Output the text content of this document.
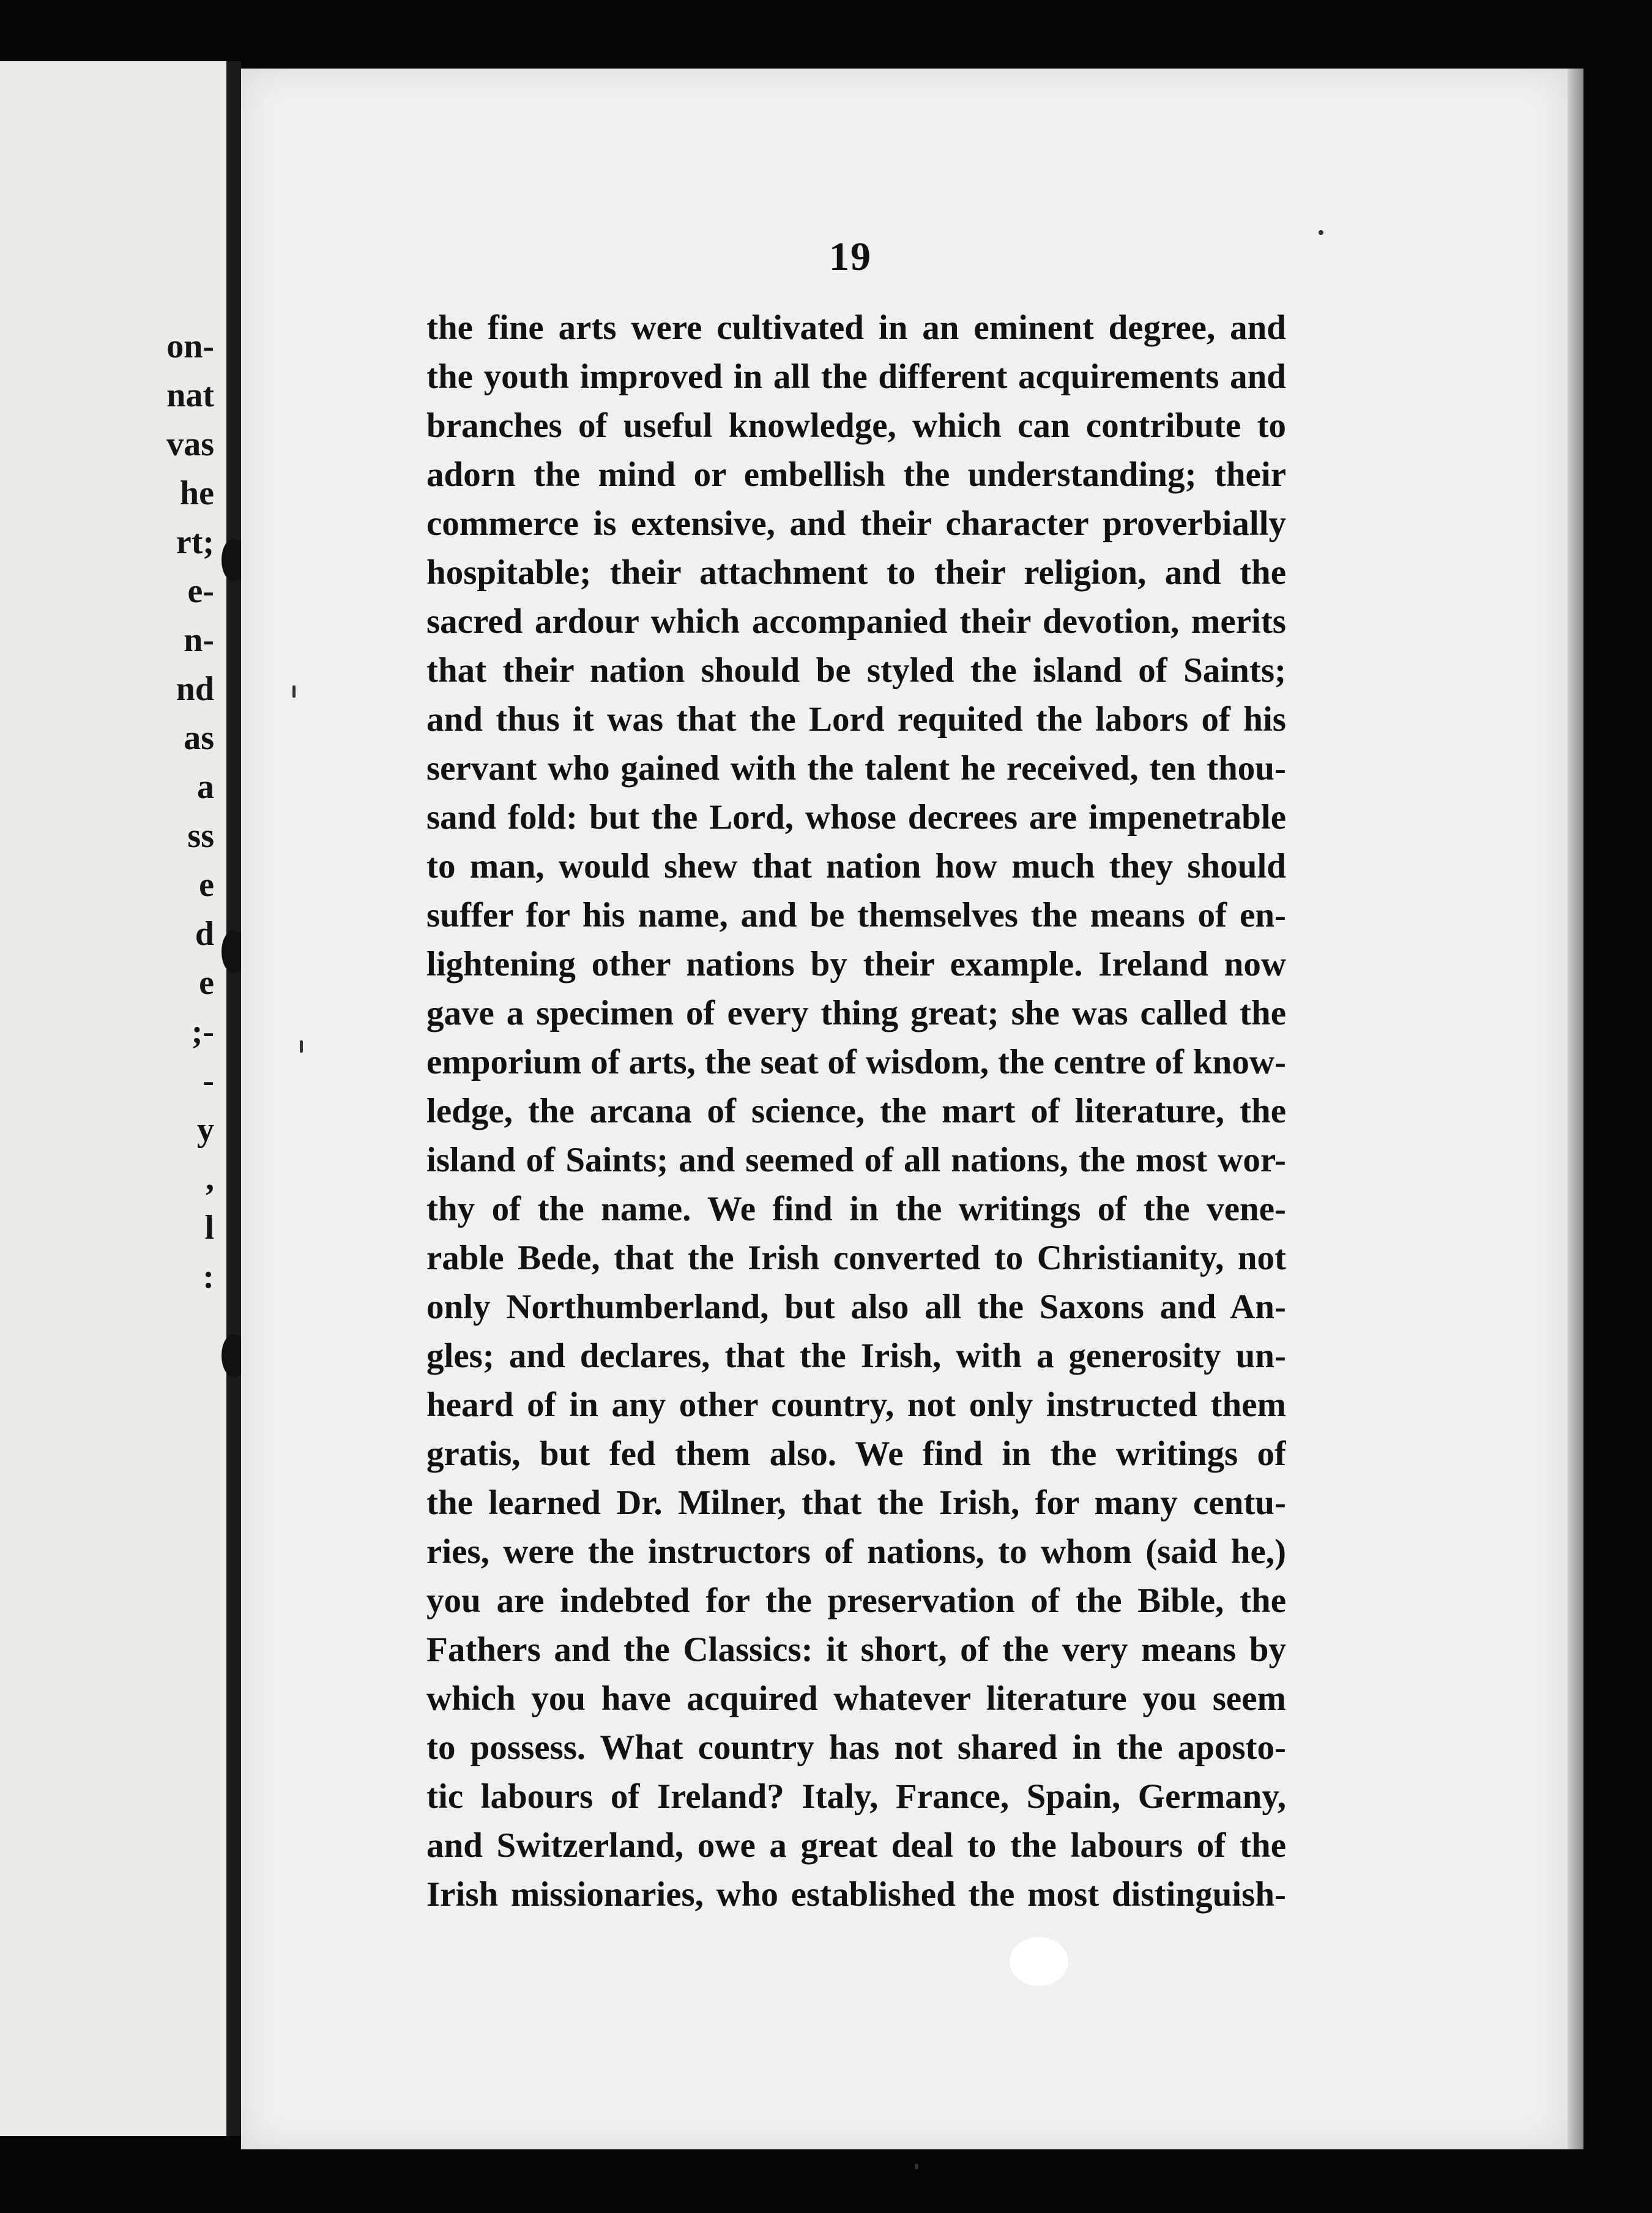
on-
nat
vas
he
rt;
e-
n-
nd
as
a
ss
e
d
e
;-
-
y
,
l
:
19
the fine arts were cultivated in an eminent degree, and
the youth improved in all the different acquirements and
branches of useful knowledge, which can contribute to
adorn the mind or embellish the understanding; their
commerce is extensive, and their character proverbially
hospitable; their attachment to their religion, and the
sacred ardour which accompanied their devotion, merits
that their nation should be styled the island of Saints;
and thus it was that the Lord requited the labors of his
servant who gained with the talent he received, ten thou-
sand fold: but the Lord, whose decrees are impenetrable
to man, would shew that nation how much they should
suffer for his name, and be themselves the means of en-
lightening other nations by their example. Ireland now
gave a specimen of every thing great; she was called the
emporium of arts, the seat of wisdom, the centre of know-
ledge, the arcana of science, the mart of literature, the
island of Saints; and seemed of all nations, the most wor-
thy of the name. We find in the writings of the vene-
rable Bede, that the Irish converted to Christianity, not
only Northumberland, but also all the Saxons and An-
gles; and declares, that the Irish, with a generosity un-
heard of in any other country, not only instructed them
gratis, but fed them also. We find in the writings of
the learned Dr. Milner, that the Irish, for many centu-
ries, were the instructors of nations, to whom (said he,)
you are indebted for the preservation of the Bible, the
Fathers and the Classics: it short, of the very means by
which you have acquired whatever literature you seem
to possess. What country has not shared in the aposto-
tic labours of Ireland? Italy, France, Spain, Germany,
and Switzerland, owe a great deal to the labours of the
Irish missionaries, who established the most distinguish-
